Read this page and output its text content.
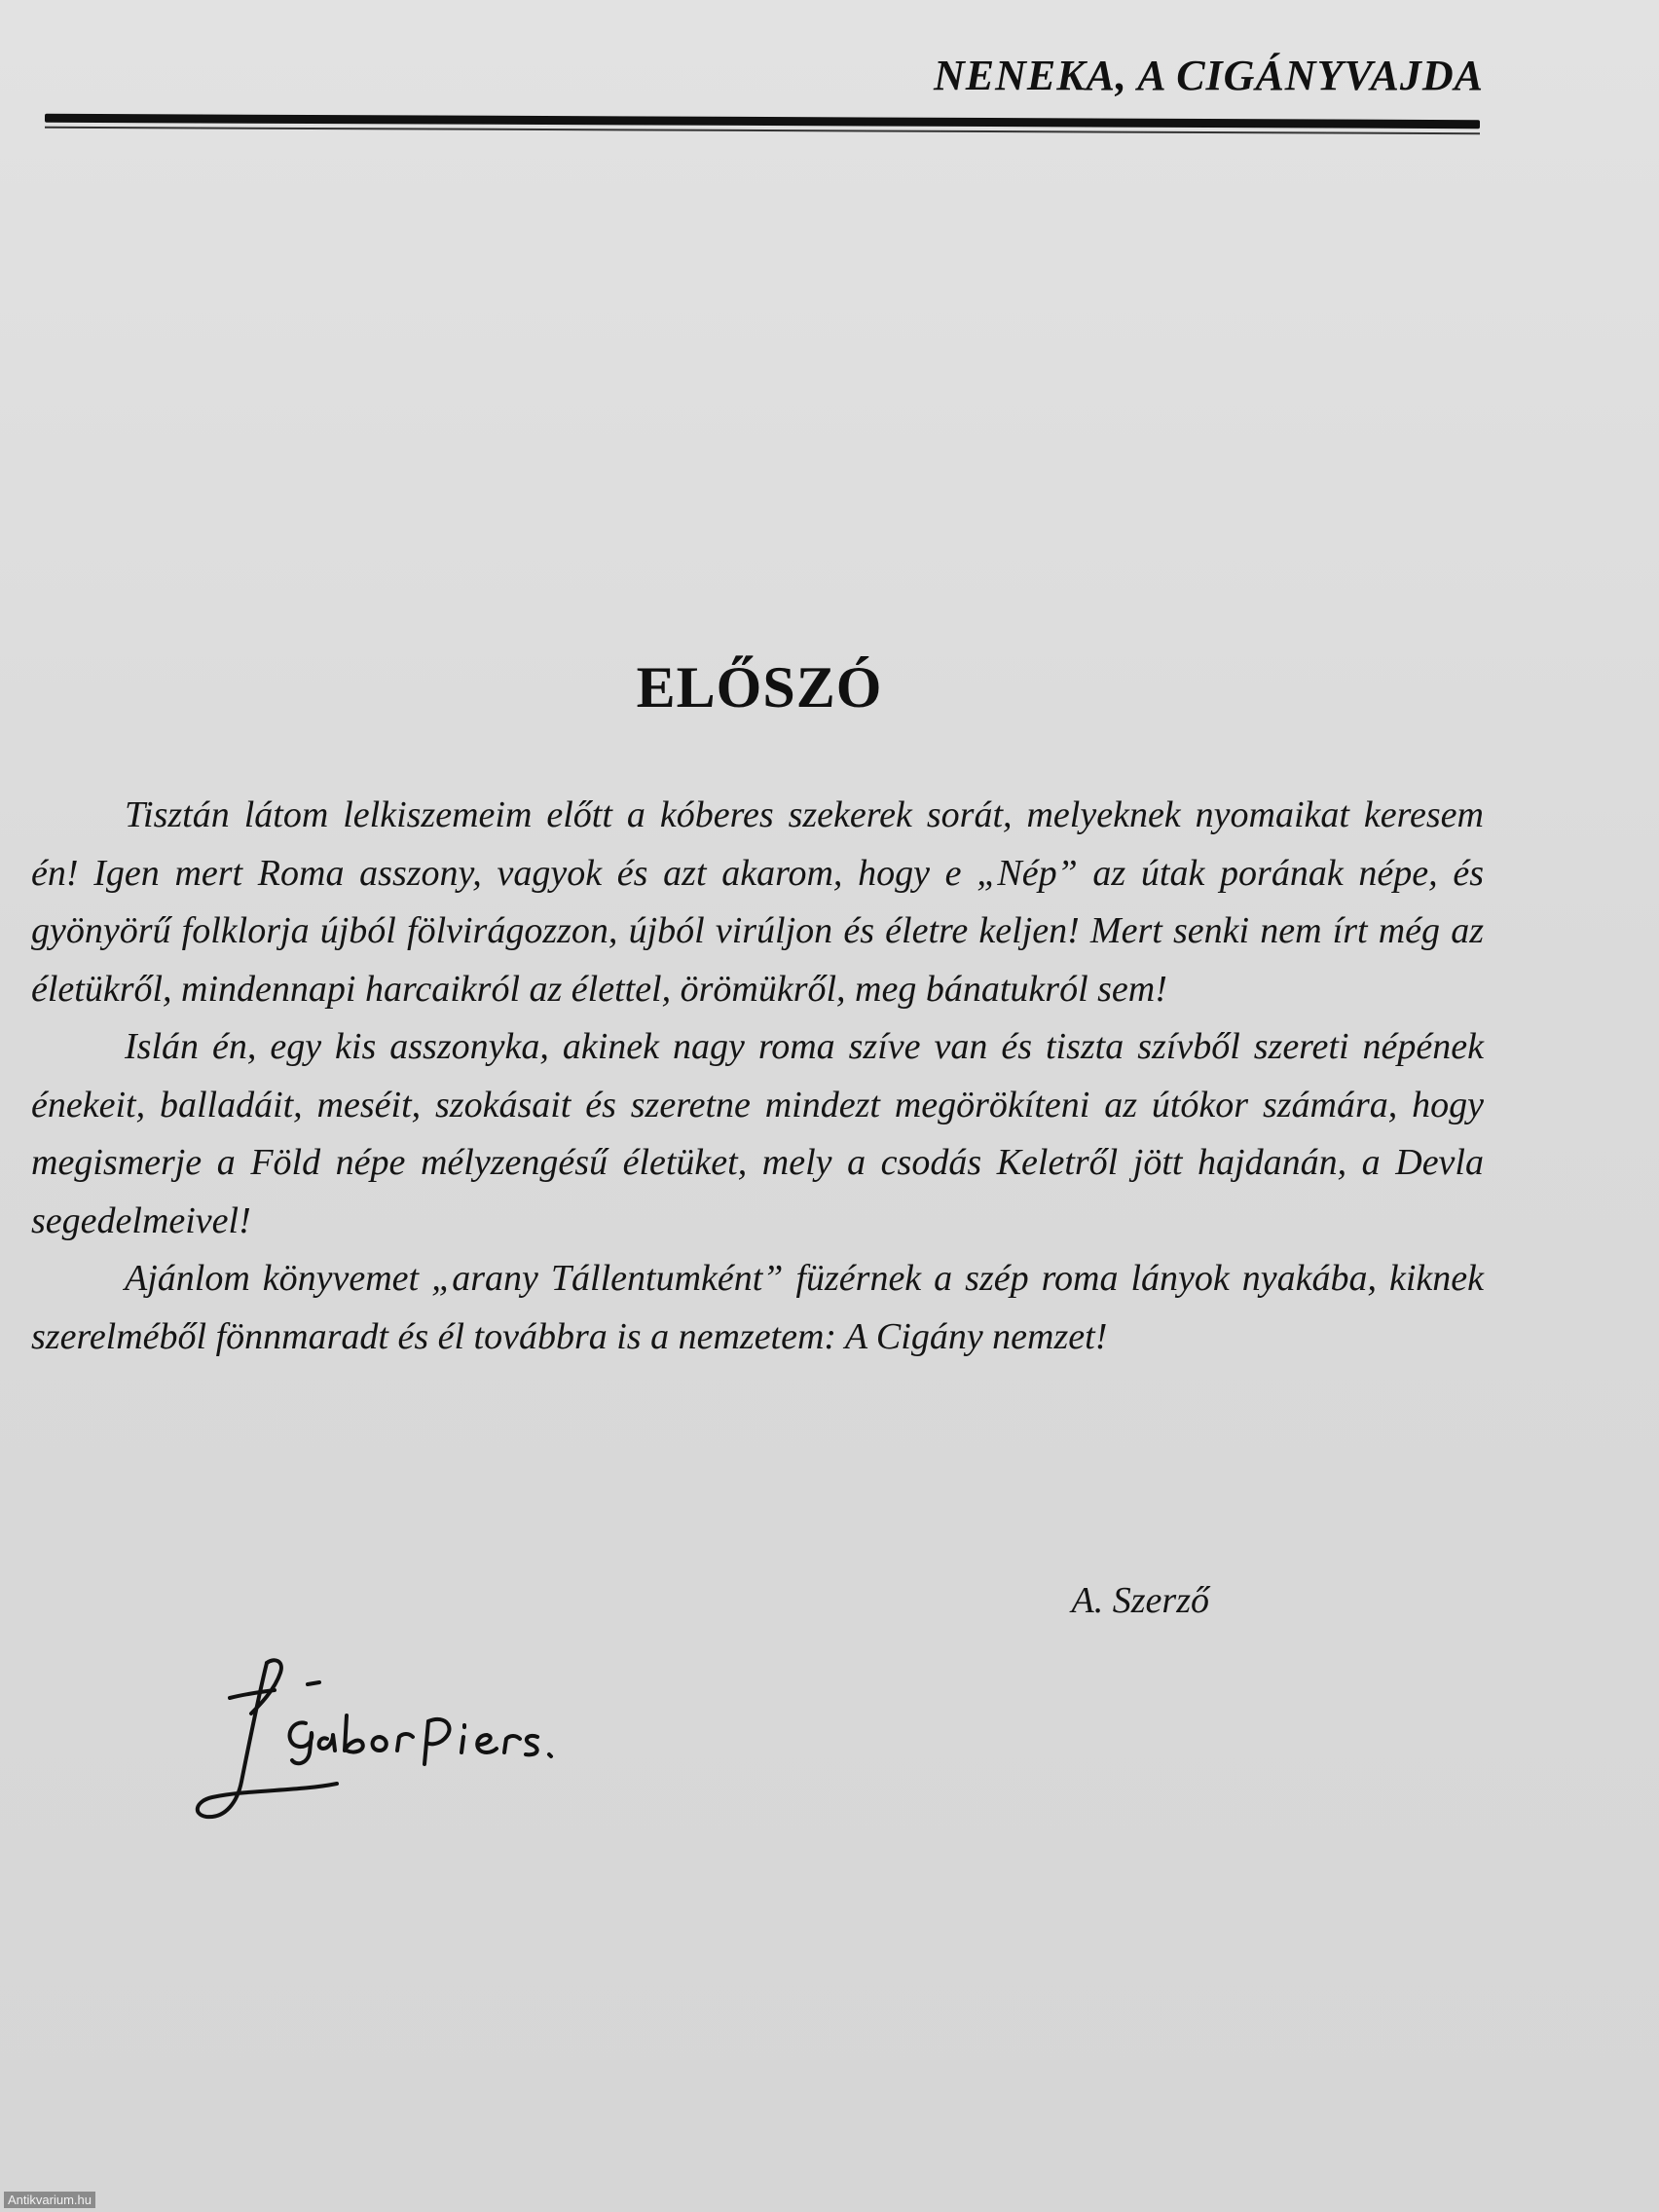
NENEKA, A CIGÁNYVAJDA
ELŐSZÓ

Tisztán látom lelkiszemeim előtt a kóberes szekerek sorát, melyeknek nyomaikat keresem én! Igen mert Roma asszony, vagyok és azt akarom, hogy e „Nép” az útak porának népe, és gyönyörű folklorja újból fölvirágozzon, újból virúljon és életre keljen! Mert senki nem írt még az életükről, mindennapi harcaikról az élettel, örömükről, meg bánatukról sem!

Islán én, egy kis asszonyka, akinek nagy roma szíve van és tiszta szívből szereti népének énekeit, balladáit, meséit, szokásait és szeretne mindezt megörökíteni az útókor számára, hogy megismerje a Föld népe mélyzengésű életüket, mely a csodás Keletről jött hajdanán, a Devla segedelmeivel!

Ajánlom könyvemet „arany Tállentumként” füzérnek a szép roma lányok nyakába, kiknek szerelméből fönnmaradt és él továbbra is a nemzetem: A Cigány nemzet!

A. Szerző
Antikvarium.hu
